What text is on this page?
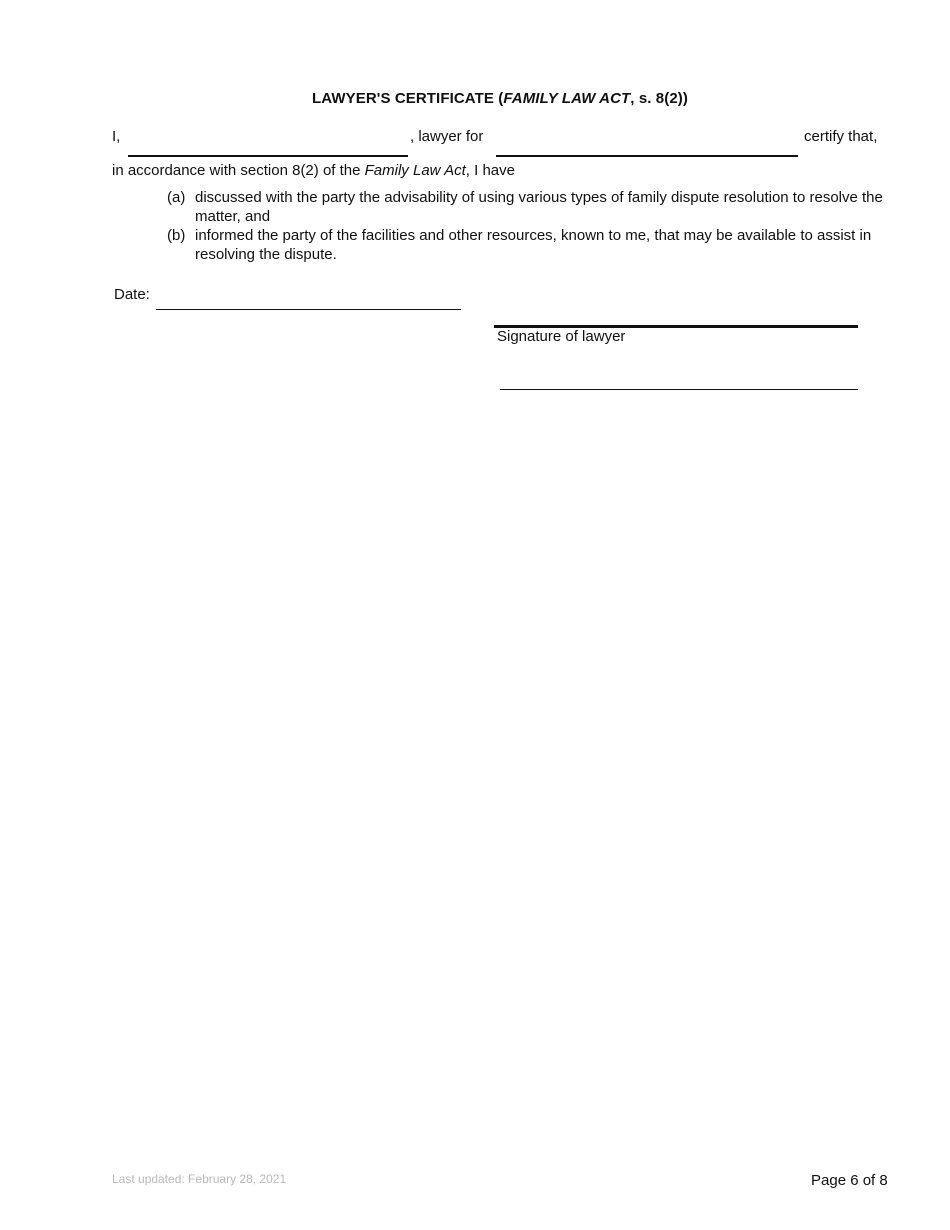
LAWYER'S CERTIFICATE (FAMILY LAW ACT, s. 8(2))
I,	, lawyer for	certify that,
in accordance with section 8(2) of the Family Law Act, I have
(a) discussed with the party the advisability of using various types of family dispute resolution to resolve the matter, and
(b) informed the party of the facilities and other resources, known to me, that may be available to assist in resolving the dispute.
Date:
Signature of lawyer
Last updated: February 28, 2021	Page 6 of 8
